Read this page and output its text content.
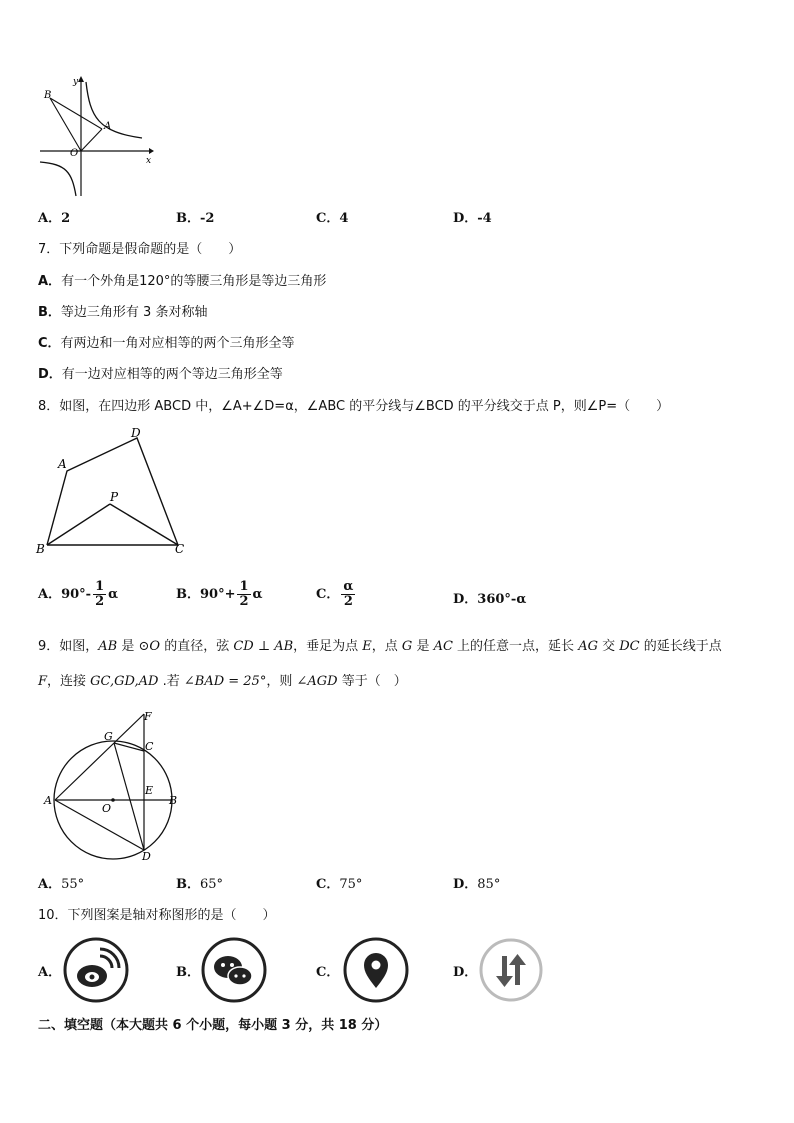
B
A
O
y
x
A．2	B．-2	C．4	D．-4
7．下列命题是假命题的是（　　）
A．有一个外角是120°的等腰三角形是等边三角形
B．等边三角形有 3 条对称轴
C．有两边和一角对应相等的两个三角形全等
D．有一边对应相等的两个等边三角形全等
8．如图，在四边形 ABCD 中，∠A+∠D=α，∠ABC 的平分线与∠BCD 的平分线交于点 P，则∠P=（　　）
A
D
P
B	C
A．$90^\circ- \frac{1}{2}$ α	B．$90^\circ+ \frac{1}{2}$ α	C． $\frac{\alpha}{2}$	D．360°-α
9．如图，AB 是 ⊙O 的直径，弦 CD ⊥ AB，垂足为点 E，点 G 是 AC 上的任意一点，延长 AG 交 DC 的延长线于点
F，连接 GC,GD,AD .若 ∠BAD = 25°，则 ∠AGD 等于（　）
F
G
C
E
A	B
O
D
A．55°	B．65°	C．75°	D．85°
10．下列图案是轴对称图形的是（　　）
A．	B．	C．	D．
二、填空题（本大题共 6 个小题，每小题 3 分，共 18 分）
